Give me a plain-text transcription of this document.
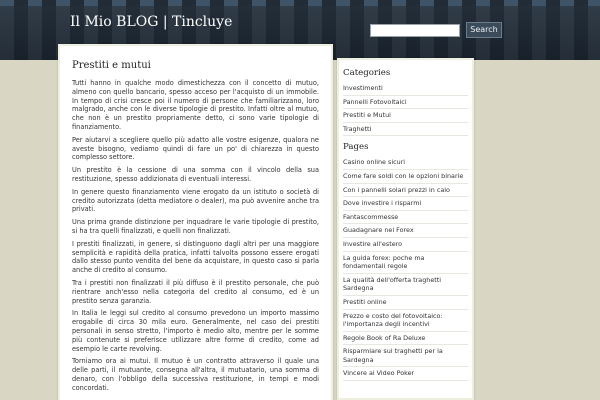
Il Mio BLOG | Tincluye	Search
Prestiti e mutui

Tutti hanno in qualche modo dimestichezza con il concetto di mutuo, almeno con quello bancario, spesso acceso per l'acquisto di un immobile. In tempo di crisi cresce poi il numero di persone che familiarizzano, loro malgrado, anche con le diverse tipologie di prestito. Infatti oltre al mutuo, che non è un prestito propriamente detto, ci sono varie tipologie di finanziamento.

Per aiutarvi a scegliere quello più adatto alle vostre esigenze, qualora ne aveste bisogno, vediamo quindi di fare un po' di chiarezza in questo complesso settore.

Un prestito è la cessione di una somma con il vincolo della sua restituzione, spesso addizionata di eventuali interessi.

In genere questo finanziamento viene erogato da un istituto o società di credito autorizzata (detta mediatore o dealer), ma può avvenire anche tra privati.

Una prima grande distinzione per inquadrare le varie tipologie di prestito, si ha tra quelli finalizzati, e quelli non finalizzati.

I prestiti finalizzati, in genere, si distinguono dagli altri per una maggiore semplicità e rapidità della pratica, infatti talvolta possono essere erogati dallo stesso punto vendita del bene da acquistare, in questo caso si parla anche di credito al consumo.

Tra i prestiti non finalizzati il più diffuso è il prestito personale, che può rientrare anch'esso nella categoria del credito al consumo, ed è un prestito senza garanzia.

In Italia le leggi sul credito al consumo prevedono un importo massimo erogabile di circa 30 mila euro. Generalmente, nel caso dei prestiti personali in senso stretto, l'importo è medio alto, mentre per le somme più contenute si preferisce utilizzare altre forme di credito, come ad esempio le carte revolving.

Torniamo ora ai mutui. Il mutuo è un contratto attraverso il quale una delle parti, il mutuante, consegna all'altra, il mutuatario, una somma di denaro, con l'obbligo della successiva restituzione, in tempi e modi concordati.

Categories
Investimenti
Pannelli Fotovoltaici
Prestiti e Mutui
Traghetti
Pages
Casino online sicuri
Come fare soldi con le opzioni binarie
Con i pannelli solari prezzi in calo
Dove investire i risparmi
Fantascommesse
Guadagnare nel Forex
Investire all'estero
La guida forex: poche ma fondamentali regole
La qualità dell'offerta traghetti Sardegna
Prestiti online
Prezzo e costo del fotovoltaico: l'importanza degli incentivi
Regole Book of Ra Deluxe
Risparmiare sui traghetti per la Sardegna
Vincere ai Video Poker
